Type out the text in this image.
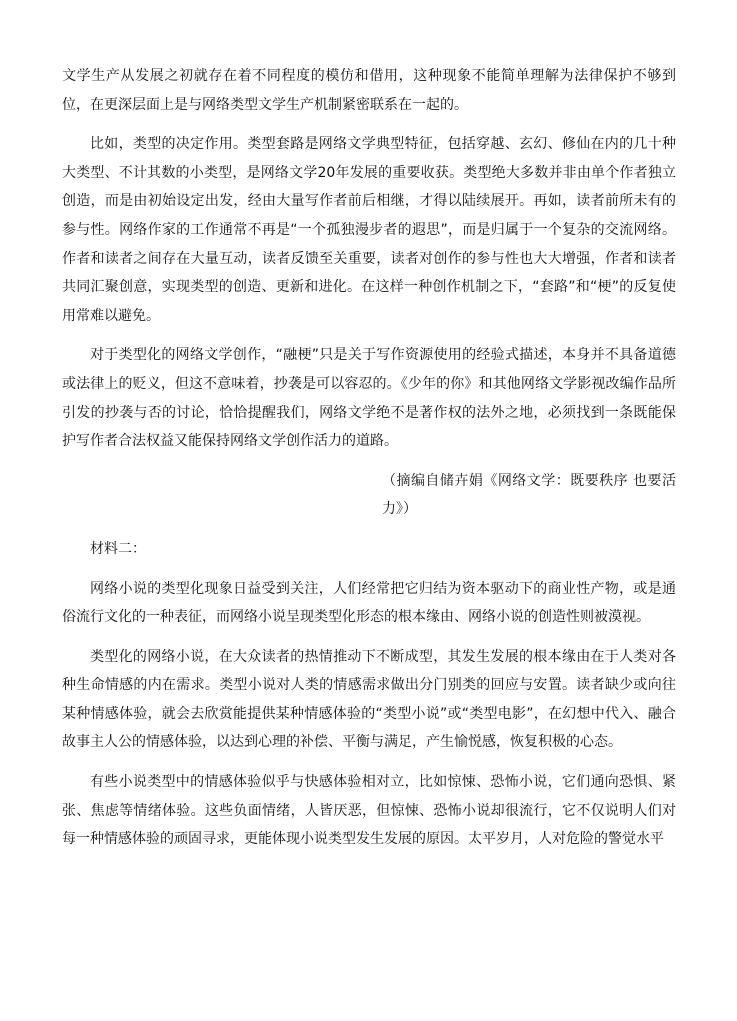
文学生产从发展之初就存在着不同程度的模仿和借用，这种现象不能简单理解为法律保护不够到位，在更深层面上是与网络类型文学生产机制紧密联系在一起的。

比如，类型的决定作用。类型套路是网络文学典型特征，包括穿越、玄幻、修仙在内的几十种大类型、不计其数的小类型，是网络文学20年发展的重要收获。类型绝大多数并非由单个作者独立创造，而是由初始设定出发，经由大量写作者前后相继，才得以陆续展开。再如，读者前所未有的参与性。网络作家的工作通常不再是“一个孤独漫步者的遐思”，而是归属于一个复杂的交流网络。作者和读者之间存在大量互动，读者反馈至关重要，读者对创作的参与性也大大增强，作者和读者共同汇聚创意，实现类型的创造、更新和进化。在这样一种创作机制之下，“套路”和“梗”的反复使用常难以避免。

对于类型化的网络文学创作，“融梗”只是关于写作资源使用的经验式描述，本身并不具备道德或法律上的贬义，但这不意味着，抄袭是可以容忍的。《少年的你》和其他网络文学影视改编作品所引发的抄袭与否的讨论，恰恰提醒我们，网络文学绝不是著作权的法外之地，必须找到一条既能保护写作者合法权益又能保持网络文学创作活力的道路。

（摘编自储卉娟《网络文学：既要秩序 也要活力》）

材料二：

网络小说的类型化现象日益受到关注，人们经常把它归结为资本驱动下的商业性产物，或是通俗流行文化的一种表征，而网络小说呈现类型化形态的根本缘由、网络小说的创造性则被漠视。

类型化的网络小说，在大众读者的热情推动下不断成型，其发生发展的根本缘由在于人类对各种生命情感的内在需求。类型小说对人类的情感需求做出分门别类的回应与安置。读者缺少或向往某种情感体验，就会去欣赏能提供某种情感体验的“类型小说”或“类型电影”，在幻想中代入、融合故事主人公的情感体验，以达到心理的补偿、平衡与满足，产生愉悦感，恢复积极的心态。

有些小说类型中的情感体验似乎与快感体验相对立，比如惊悚、恐怖小说，它们通向恐惧、紧张、焦虑等情绪体验。这些负面情绪，人皆厌恶，但惊悚、恐怖小说却很流行，它不仅说明人们对每一种情感体验的顽固寻求，更能体现小说类型发生发展的原因。太平岁月，人对危险的警觉水平
